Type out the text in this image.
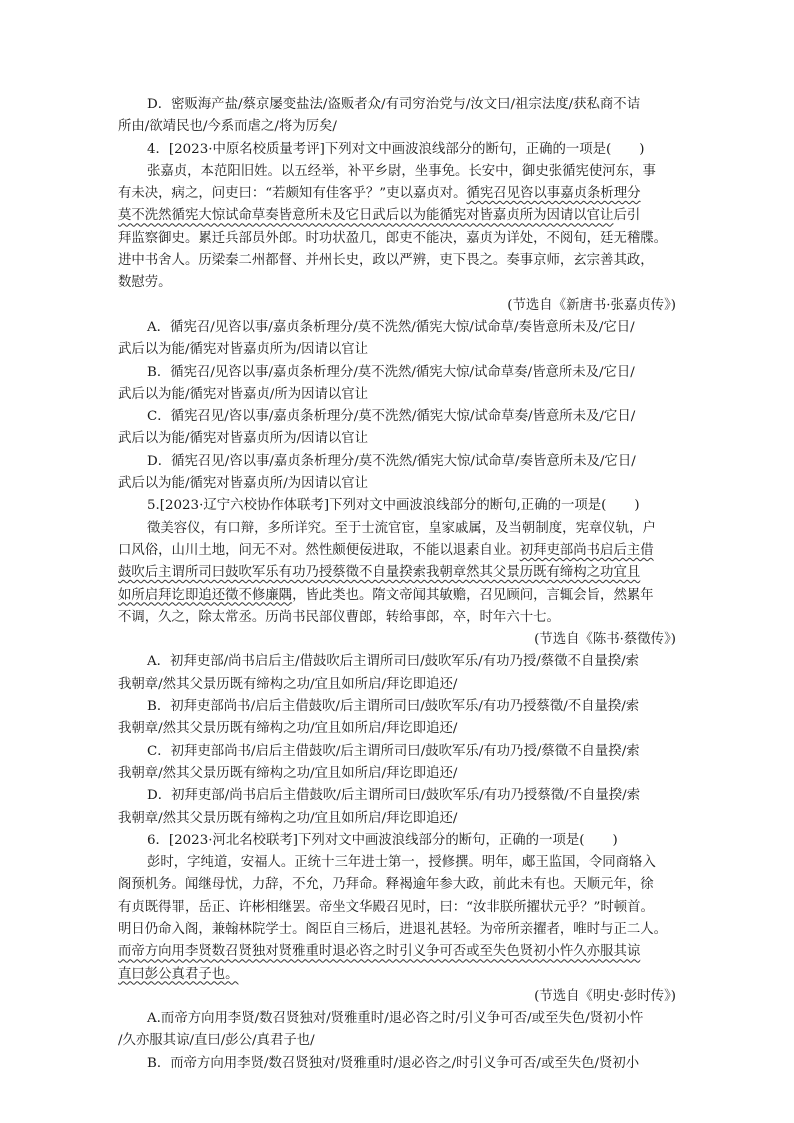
D．密贩海产盐/蔡京屡变盐法/盗贩者众/有司穷治党与/汝文曰/祖宗法度/获私商不诘
所由/欲靖民也/今系而虐之/将为厉矣/
4．[2023·中原名校质量考评]下列对文中画波浪线部分的断句，正确的一项是( )
张嘉贞，本范阳旧姓。以五经举，补平乡尉，坐事免。长安中，御史张循宪使河东，事
有未决，病之，问吏曰：“若颇知有佳客乎？”吏以嘉贞对。循宪召见咨以事嘉贞条析理分
莫不洗然循宪大惊试命草奏皆意所未及它日武后以为能循宪对皆嘉贞所为因请以官让后引
拜监察御史。累迁兵部员外郎。时功状盈几，郎吏不能决，嘉贞为详处，不阅旬，廷无稽牒。
进中书舍人。历梁秦二州都督、并州长史，政以严辨，吏下畏之。奏事京师，玄宗善其政，
数慰劳。
(节选自《新唐书·张嘉贞传》)
A．循宪召/见咨以事/嘉贞条析理分/莫不洗然/循宪大惊/试命草/奏皆意所未及/它日/
武后以为能/循宪对皆嘉贞所为/因请以官让
B．循宪召/见咨以事/嘉贞条析理分/莫不洗然/循宪大惊/试命草奏/皆意所未及/它日/
武后以为能/循宪对皆嘉贞/所为因请以官让
C．循宪召见/咨以事/嘉贞条析理分/莫不洗然/循宪大惊/试命草奏/皆意所未及/它日/
武后以为能/循宪对皆嘉贞所为/因请以官让
D．循宪召见/咨以事/嘉贞条析理分/莫不洗然/循宪大惊/试命草/奏皆意所未及/它日/
武后以为能/循宪对皆嘉贞所/为因请以官让
5.[2023·辽宁六校协作体联考]下列对文中画波浪线部分的断句,正确的一项是( )
徵美容仪，有口辩，多所详究。至于士流官宦，皇家戚属，及当朝制度，宪章仪轨，户
口风俗，山川土地，问无不对。然性颇便佞进取，不能以退素自业。初拜吏部尚书启后主借
鼓吹后主谓所司曰鼓吹军乐有功乃授蔡徵不自量揆索我朝章然其父景历既有缔构之功宜且
如所启拜讫即追还徵不修廉隅，皆此类也。隋文帝闻其敏赡，召见顾问，言辄会旨，然累年
不调，久之，除太常丞。历尚书民部仪曹郎，转给事郎，卒，时年六十七。
(节选自《陈书·蔡徵传》)
A．初拜吏部/尚书启后主/借鼓吹后主谓所司曰/鼓吹军乐/有功乃授/蔡徵不自量揆/索
我朝章/然其父景历既有缔构之功/宜且如所启/拜讫即追还/
B．初拜吏部尚书/启后主借鼓吹/后主谓所司曰/鼓吹军乐/有功乃授蔡徵/不自量揆/索
我朝章/然其父景历既有缔构之功/宜且如所启/拜讫即追还/
C．初拜吏部尚书/启后主借鼓吹/后主谓所司曰/鼓吹军乐/有功乃授/蔡徵不自量揆/索
我朝章/然其父景历既有缔构之功/宜且如所启/拜讫即追还/
D．初拜吏部/尚书启后主借鼓吹/后主谓所司曰/鼓吹军乐/有功乃授蔡徵/不自量揆/索
我朝章/然其父景历既有缔构之功/宜且如所启/拜讫即追还/
6．[2023·河北名校联考]下列对文中画波浪线部分的断句，正确的一项是( )
彭时，字纯道，安福人。正统十三年进士第一，授修撰。明年，郕王监国，令同商辂入
阁预机务。闻继母忧，力辞，不允，乃拜命。释褐逾年参大政，前此未有也。天顺元年，徐
有贞既得罪，岳正、许彬相继罢。帝坐文华殿召见时，曰：“汝非朕所擢状元乎？”时顿首。
明日仍命入阁，兼翰林院学士。阁臣自三杨后，进退礼甚轻。为帝所亲擢者，唯时与正二人。
而帝方向用李贤数召贤独对贤雅重时退必咨之时引义争可否或至失色贤初小忤久亦服其谅
直曰彭公真君子也。
(节选自《明史·彭时传》)
A.而帝方向用李贤/数召贤独对/贤雅重时/退必咨之时/引义争可否/或至失色/贤初小忤
/久亦服其谅/直曰/彭公/真君子也/
B．而帝方向用李贤/数召贤独对/贤雅重时/退必咨之/时引义争可否/或至失色/贤初小
